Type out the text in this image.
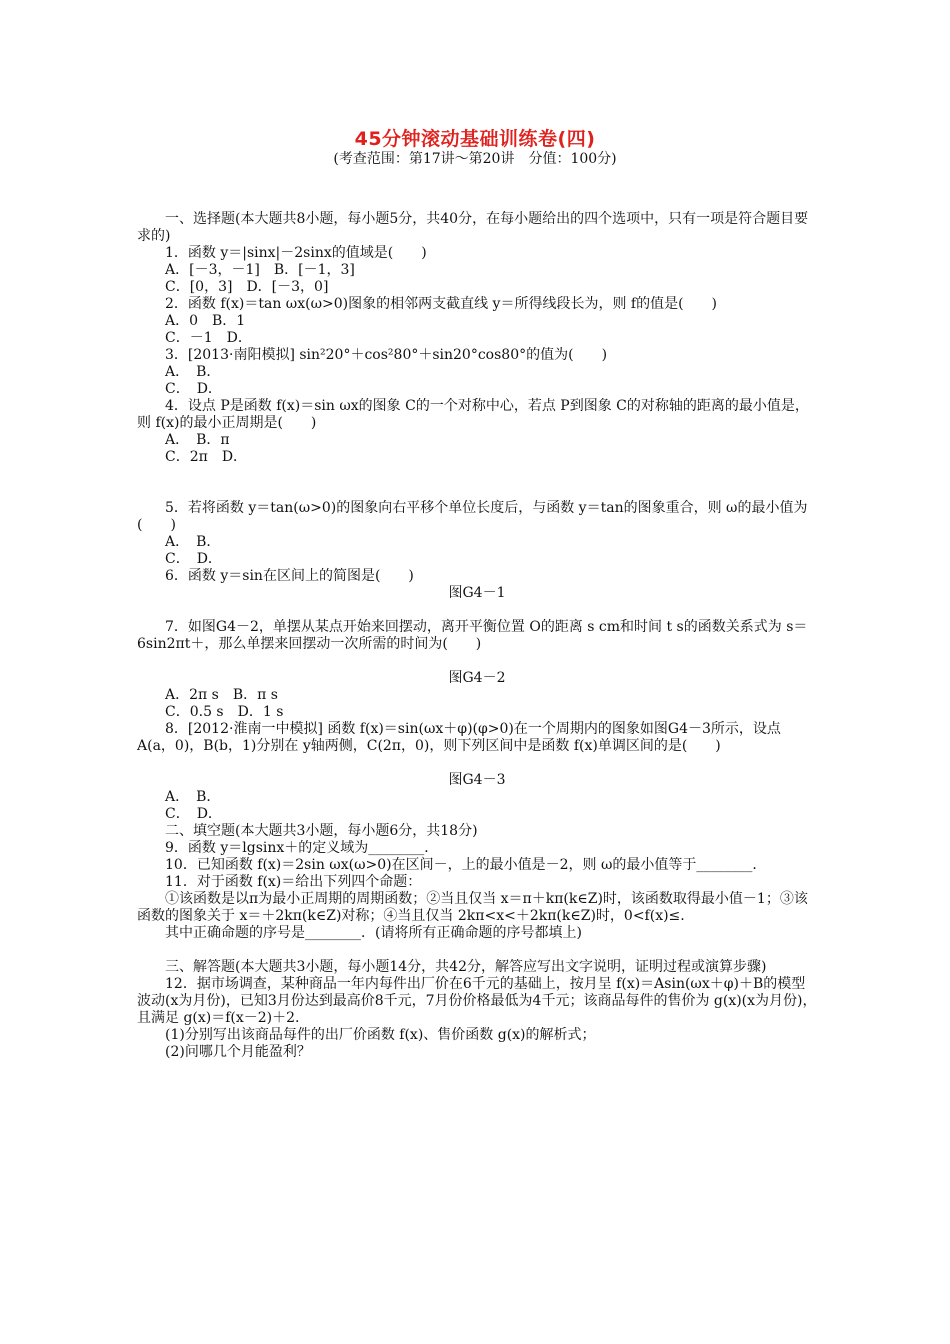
45分钟滚动基础训练卷(四)
(考查范围：第17讲～第20讲　分值：100分)
一、选择题(本大题共8小题，每小题5分，共40分，在每小题给出的四个选项中，只有一项是符合题目要求的)
1．函数 y＝|sinx|－2sinx的值域是(　　)
A．[－3，－1]　B．[－1，3]
C．[0，3]　D．[－3，0]
2．函数 f(x)＝tan ωx(ω>0)图象的相邻两支截直线 y＝所得线段长为，则 f的值是(　　)
A．0　B．1
C．－1　D．
3．[2013·南阳模拟] sin²20°＋cos²80°＋sin20°cos80°的值为(　　)
A．　B．
C．　D．
4．设点 P是函数 f(x)＝sin ωx的图象 C的一个对称中心，若点 P到图象 C的对称轴的距离的最小值是，则 f(x)的最小正周期是(　　)
A．　B．π
C．2π　D．
5．若将函数 y＝tan(ω>0)的图象向右平移个单位长度后，与函数 y＝tan的图象重合，则 ω的最小值为(　　)
A．　B．
C．　D．
6．函数 y＝sin在区间上的简图是(　　)
图G4－1
7．如图G4－2，单摆从某点开始来回摆动，离开平衡位置 O的距离 s cm和时间 t s的函数关系式为 s＝6sin2πt＋，那么单摆来回摆动一次所需的时间为(　　)
图G4－2
A．2π s　B．π s
C．0.5 s　D．1 s
8．[2012·淮南一中模拟] 函数 f(x)＝sin(ωx＋φ)(φ>0)在一个周期内的图象如图G4－3所示，设点 A(a，0)，B(b，1)分别在 y轴两侧，C(2π，0)，则下列区间中是函数 f(x)单调区间的是(　　)
图G4－3
A．　B．
C．　D．
二、填空题(本大题共3小题，每小题6分，共18分)
9．函数 y＝lgsinx＋的定义域为________．
10．已知函数 f(x)＝2sin ωx(ω>0)在区间－，上的最小值是－2，则 ω的最小值等于________．
11．对于函数 f(x)＝给出下列四个命题：
①该函数是以π为最小正周期的周期函数；②当且仅当 x＝π＋kπ(k∈Z)时，该函数取得最小值－1；③该函数的图象关于 x＝＋2kπ(k∈Z)对称；④当且仅当 2kπ<x<＋2kπ(k∈Z)时，0<f(x)≤.
其中正确命题的序号是________．(请将所有正确命题的序号都填上)
三、解答题(本大题共3小题，每小题14分，共42分，解答应写出文字说明，证明过程或演算步骤)
12．据市场调查，某种商品一年内每件出厂价在6千元的基础上，按月呈 f(x)＝Asin(ωx＋φ)＋B的模型波动(x为月份)，已知3月份达到最高价8千元，7月份价格最低为4千元；该商品每件的售价为 g(x)(x为月份)，且满足 g(x)＝f(x－2)＋2.
(1)分别写出该商品每件的出厂价函数 f(x)、售价函数 g(x)的解析式；
(2)问哪几个月能盈利？
